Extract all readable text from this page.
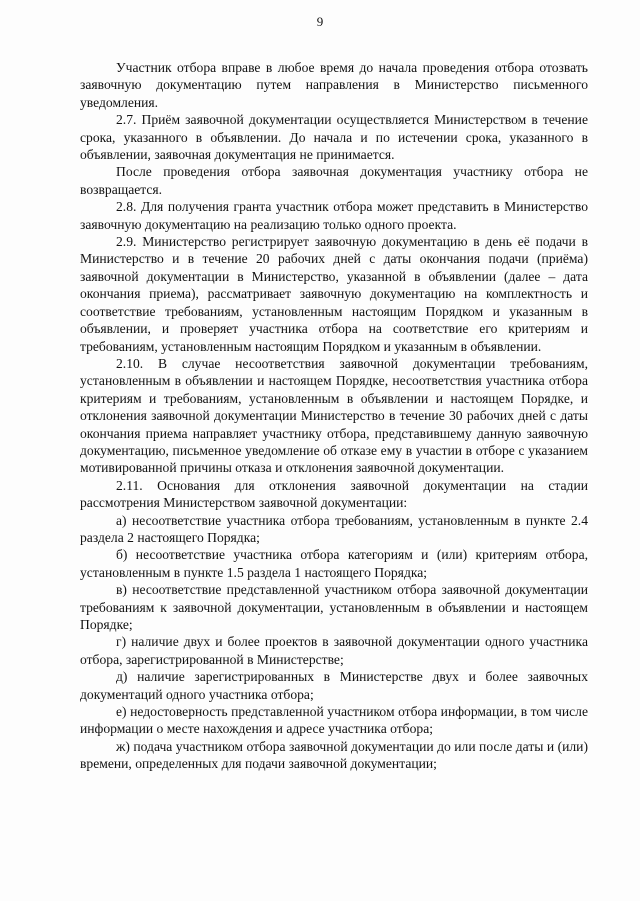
9

Участник отбора вправе в любое время до начала проведения отбора отозвать заявочную документацию путем направления в Министерство письменного уведомления.

2.7. Приём заявочной документации осуществляется Министерством в течение срока, указанного в объявлении. До начала и по истечении срока, указанного в объявлении, заявочная документация не принимается.

После проведения отбора заявочная документация участнику отбора не возвращается.

2.8. Для получения гранта участник отбора может представить в Министерство заявочную документацию на реализацию только одного проекта.

2.9. Министерство регистрирует заявочную документацию в день её подачи в Министерство и в течение 20 рабочих дней с даты окончания подачи (приёма) заявочной документации в Министерство, указанной в объявлении (далее – дата окончания приема), рассматривает заявочную документацию на комплектность и соответствие требованиям, установленным настоящим Порядком и указанным в объявлении, и проверяет участника отбора на соответствие его критериям и требованиям, установленным настоящим Порядком и указанным в объявлении.

2.10. В случае несоответствия заявочной документации требованиям, установленным в объявлении и настоящем Порядке, несоответствия участника отбора критериям и требованиям, установленным в объявлении и настоящем Порядке, и отклонения заявочной документации Министерство в течение 30 рабочих дней с даты окончания приема направляет участнику отбора, представившему данную заявочную документацию, письменное уведомление об отказе ему в участии в отборе с указанием мотивированной причины отказа и отклонения заявочной документации.

2.11. Основания для отклонения заявочной документации на стадии рассмотрения Министерством заявочной документации:

а) несоответствие участника отбора требованиям, установленным в пункте 2.4 раздела 2 настоящего Порядка;

б) несоответствие участника отбора категориям и (или) критериям отбора, установленным в пункте 1.5 раздела 1 настоящего Порядка;

в) несоответствие представленной участником отбора заявочной документации требованиям к заявочной документации, установленным в объявлении и настоящем Порядке;

г) наличие двух и более проектов в заявочной документации одного участника отбора, зарегистрированной в Министерстве;

д) наличие зарегистрированных в Министерстве двух и более заявочных документаций одного участника отбора;

е) недостоверность представленной участником отбора информации, в том числе информации о месте нахождения и адресе участника отбора;

ж) подача участником отбора заявочной документации до или после даты и (или) времени, определенных для подачи заявочной документации;
